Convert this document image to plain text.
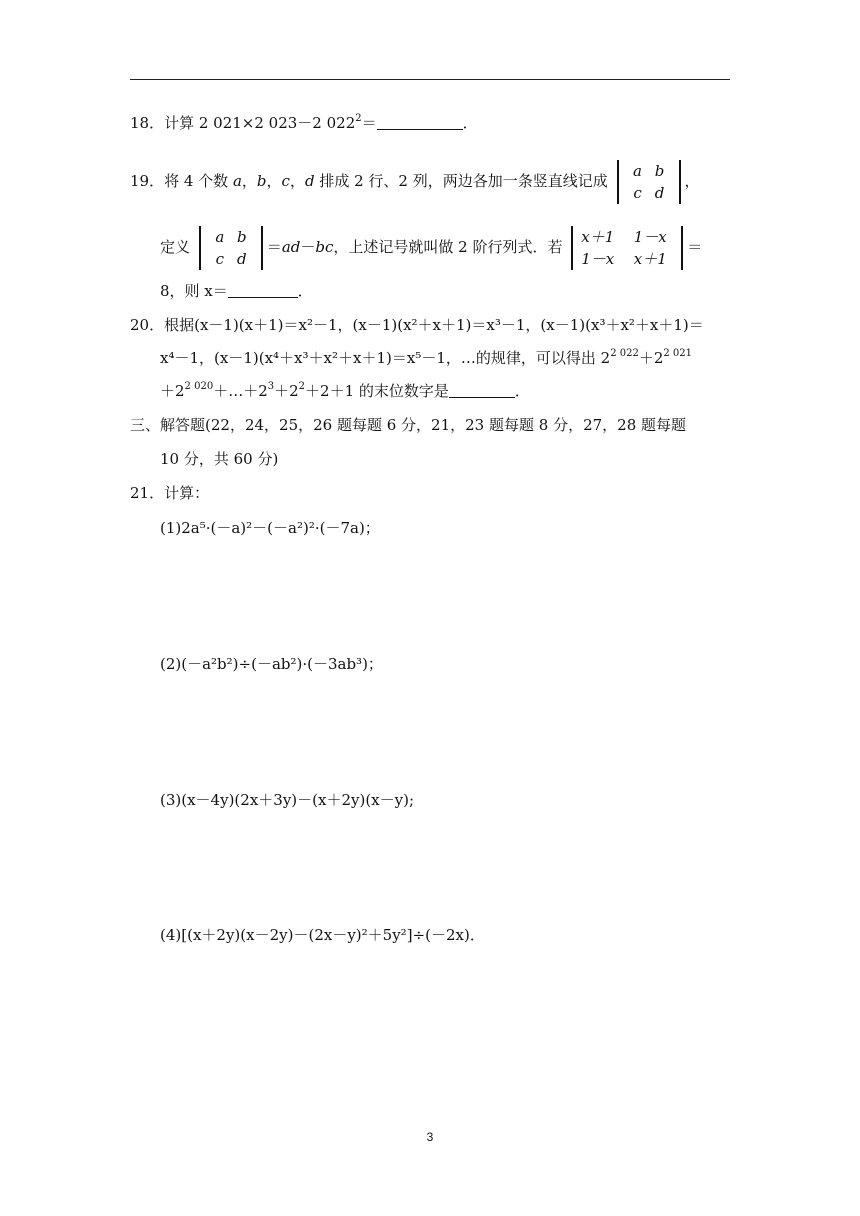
18．计算 2 021×2 023－2 $022^2=$	．
19．将 4 个数 a，b，c，d 排成 2 行、2 列，两边各加一条竖直线记成
a b
c d
，
定义
a b
c d
＝ad－bc，上述记号就叫做 2 阶行列式．若
x＋1	1－x
1－x	x＋1
＝
8，则 x＝	．
20．根据(x－1)(x＋1)＝x²－1，(x－1)(x²＋x＋1)＝x³－1，(x－1)(x³＋x²＋x＋1)＝
x⁴－1，(x－1)(x⁴＋x³＋x²＋x＋1)＝x⁵－1，…的规律，可以得出 $2^{2 022}+2^{2 021}$
$+2^{2 020}+\dots+2^3+2^2+2+1$ 的末位数字是	．
三、解答题(22，24，25，26 题每题 6 分，21，23 题每题 8 分，27，28 题每题
10 分，共 60 分)
21．计算：
(1)2a⁵·(－a)²－(－a²)²·(－7a)；
(2)(－a²b²)÷(－ab²)·(－3ab³)；
(3)(x－4y)(2x＋3y)－(x＋2y)(x－y);
(4)[(x＋2y)(x－2y)－(2x－y)²＋5y²]÷(－2x)．
3
